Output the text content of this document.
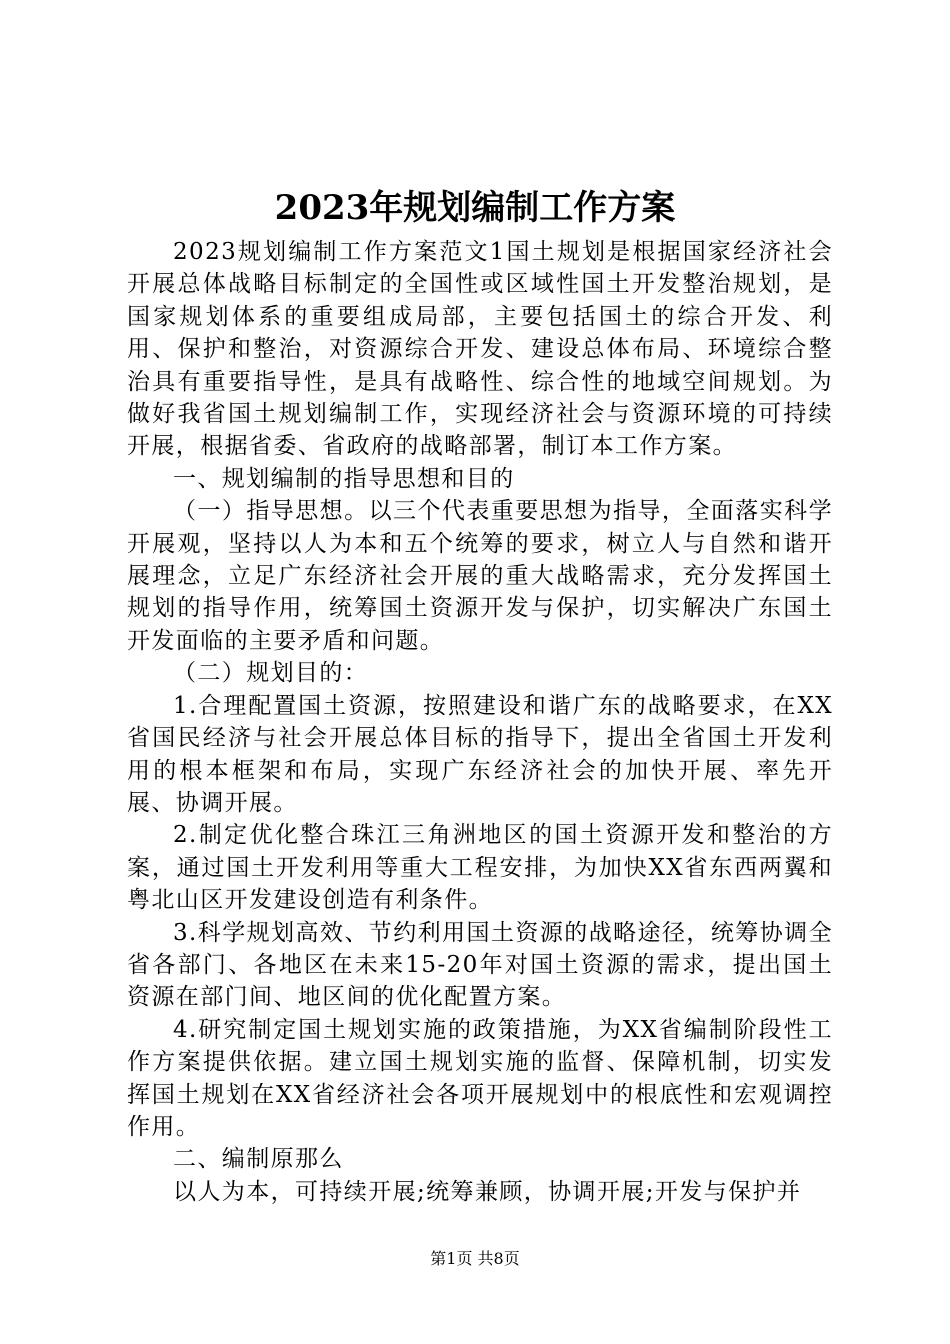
2023年规划编制工作方案

2023规划编制工作方案范文1国土规划是根据国家经济社会开展总体战略目标制定的全国性或区域性国土开发整治规划，是国家规划体系的重要组成局部，主要包括国土的综合开发、利用、保护和整治，对资源综合开发、建设总体布局、环境综合整治具有重要指导性，是具有战略性、综合性的地域空间规划。为做好我省国土规划编制工作，实现经济社会与资源环境的可持续开展，根据省委、省政府的战略部署，制订本工作方案。

一、规划编制的指导思想和目的

（一）指导思想。以三个代表重要思想为指导，全面落实科学开展观，坚持以人为本和五个统筹的要求，树立人与自然和谐开展理念，立足广东经济社会开展的重大战略需求，充分发挥国土规划的指导作用，统筹国土资源开发与保护，切实解决广东国土开发面临的主要矛盾和问题。

（二）规划目的：

1.合理配置国土资源，按照建设和谐广东的战略要求，在XX省国民经济与社会开展总体目标的指导下，提出全省国土开发利用的根本框架和布局，实现广东经济社会的加快开展、率先开展、协调开展。

2.制定优化整合珠江三角洲地区的国土资源开发和整治的方案，通过国土开发利用等重大工程安排，为加快XX省东西两翼和粤北山区开发建设创造有利条件。

3.科学规划高效、节约利用国土资源的战略途径，统筹协调全省各部门、各地区在未来15-20年对国土资源的需求，提出国土资源在部门间、地区间的优化配置方案。

4.研究制定国土规划实施的政策措施，为XX省编制阶段性工作方案提供依据。建立国土规划实施的监督、保障机制，切实发挥国土规划在XX省经济社会各项开展规划中的根底性和宏观调控作用。

二、编制原那么

以人为本，可持续开展;统筹兼顾，协调开展;开发与保护并

第1页 共8页
